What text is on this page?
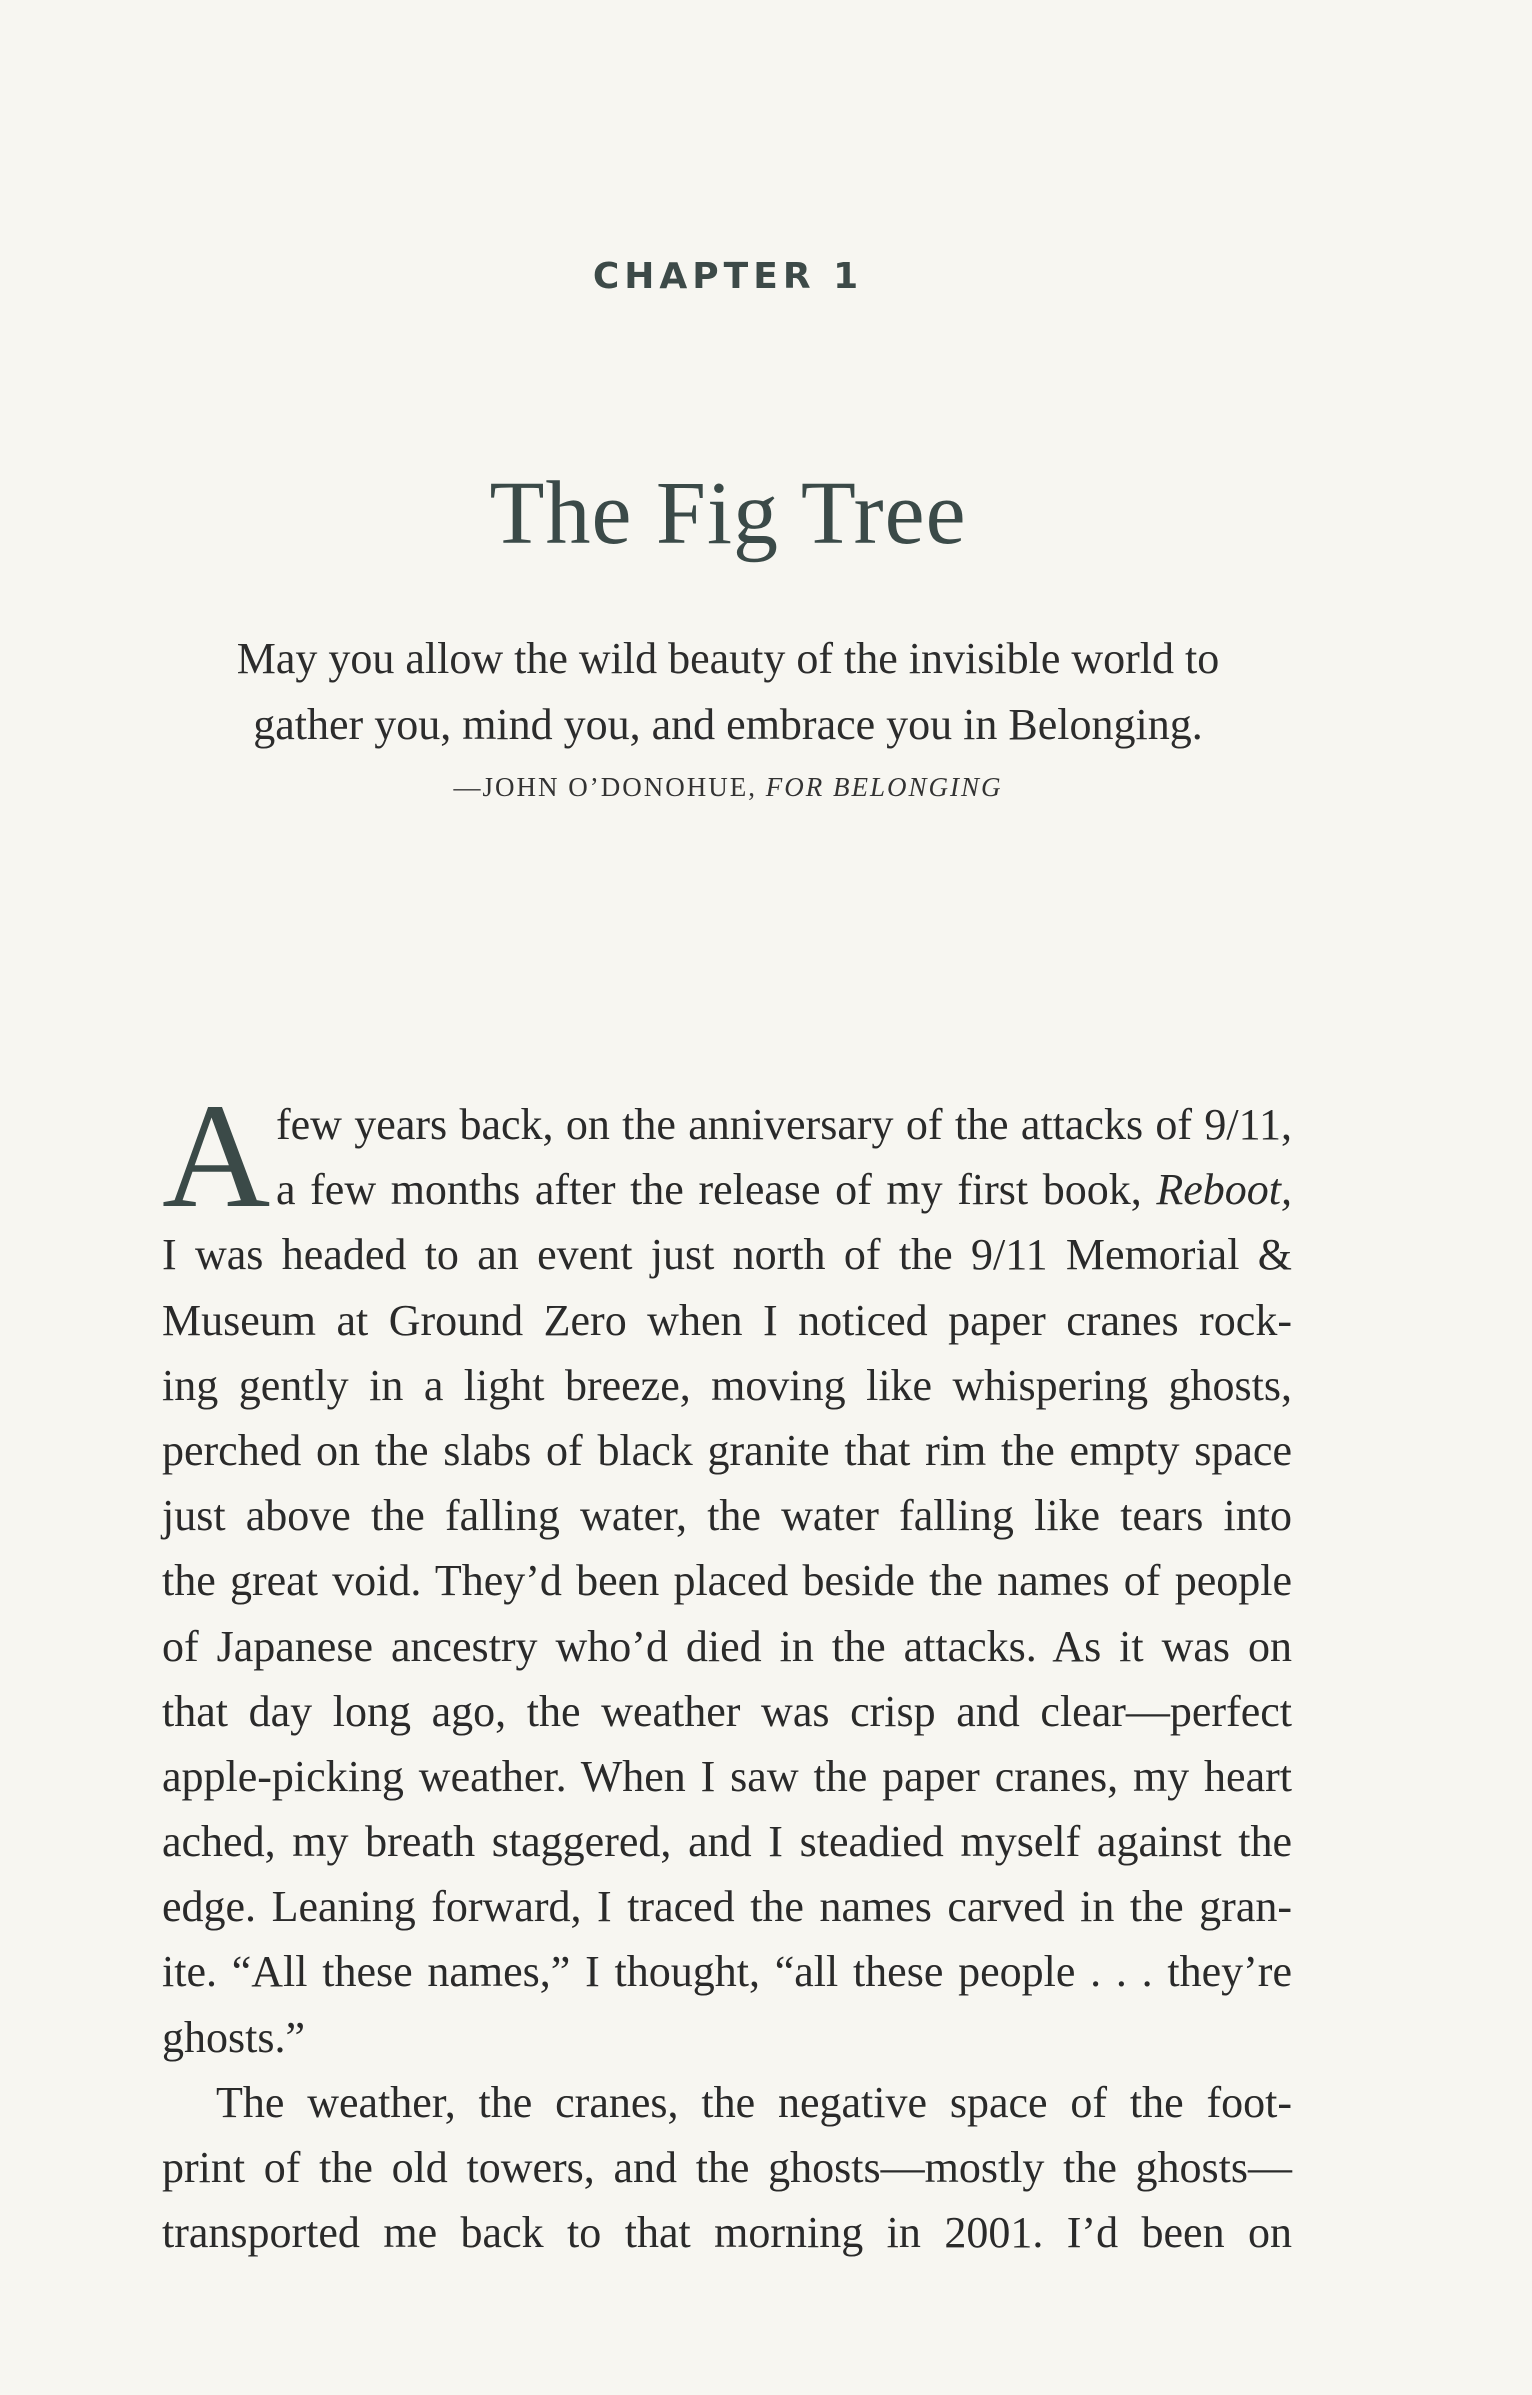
CHAPTER 1
The Fig Tree
May you allow the wild beauty of the invisible world to
gather you, mind you, and embrace you in Belonging.
—JOHN O’DONOHUE, FOR BELONGING
A few years back, on the anniversary of the attacks of 9/11,
a few months after the release of my first book, Reboot,
I was headed to an event just north of the 9/11 Memorial &
Museum at Ground Zero when I noticed paper cranes rock-
ing gently in a light breeze, moving like whispering ghosts,
perched on the slabs of black granite that rim the empty space
just above the falling water, the water falling like tears into
the great void. They’d been placed beside the names of people
of Japanese ancestry who’d died in the attacks. As it was on
that day long ago, the weather was crisp and clear—perfect
apple-picking weather. When I saw the paper cranes, my heart
ached, my breath staggered, and I steadied myself against the
edge. Leaning forward, I traced the names carved in the gran-
ite. “All these names,” I thought, “all these people . . . they’re
ghosts.”
The weather, the cranes, the negative space of the foot-
print of the old towers, and the ghosts—mostly the ghosts—
transported me back to that morning in 2001. I’d been on
